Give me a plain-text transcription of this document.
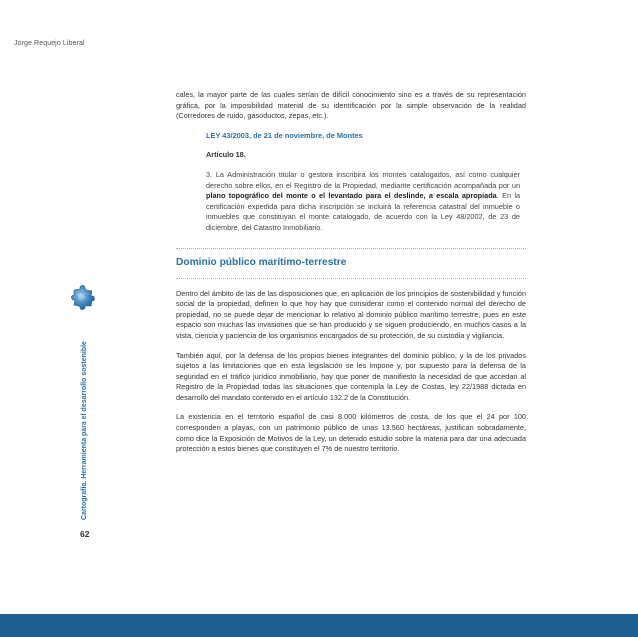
Jorge Requejo Liberal

cales, la mayor parte de las cuales serían de difícil conocimiento sino es a través de su representación gráfica, por la imposibilidad material de su identificación por la simple observación de la realidad (Corredores de ruido, gasoductos, zepas, etc.).

LEY 43/2003, de 21 de noviembre, de Montes

Artículo 18.

3. La Administración titular o gestora inscribirá los montes catalogados, así como cualquier derecho sobre ellos, en el Registro de la Propiedad, mediante certificación acompañada por un plano topográfico del monte o el levantado para el deslinde, a escala apropiada. En la certificación expedida para dicha inscripción se incluirá la referencia catastral del inmueble o inmuebles que constituyan el monte catalogado, de acuerdo con la Ley 48/2002, de 23 de diciembre, del Catastro Inmobiliario.

Dominio público marítimo-terrestre

Dentro del ámbito de las de las disposiciones que, en aplicación de los principios de sostenibilidad y función social de la propiedad, definen lo que hoy hay que considerar como el contenido normal del derecho de propiedad, no se puede dejar de mencionar lo relativo al dominio público marítimo terrestre, pues en este espacio son muchas las invasiones que se han producido y se siguen produciendo, en muchos casos a la vista, ciencia y paciencia de los organismos encargados de su protección, de su custodia y vigilancia.

También aquí, por la defensa de los propios bienes integrantes del dominio público, y la de los privados sujetos a las limitaciones que en esta legislación se les impone y, por supuesto para la defensa de la seguridad en el tráfico jurídico inmobiliario, hay que poner de manifiesto la necesidad de que accedan al Registro de la Propiedad todas las situaciones que contempla la Ley de Costas, ley 22/1988 dictada en desarrollo del mandato contenido en el artículo 132.2 de la Constitución.

La existencia en el territorio español de casi 8.000 kilómetros de costa, de los que el 24 por 100 corresponden a playas, con un patrimonio público de unas 13.560 hectáreas, justifican sobradamente, como dice la Exposición de Motivos de la Ley, un detenido estudio sobre la materia para dar una adecuada protección a estos bienes que constituyen el 7% de nuestro territorio.

Cartografía. Herramienta para el desarrollo sostenible
62
